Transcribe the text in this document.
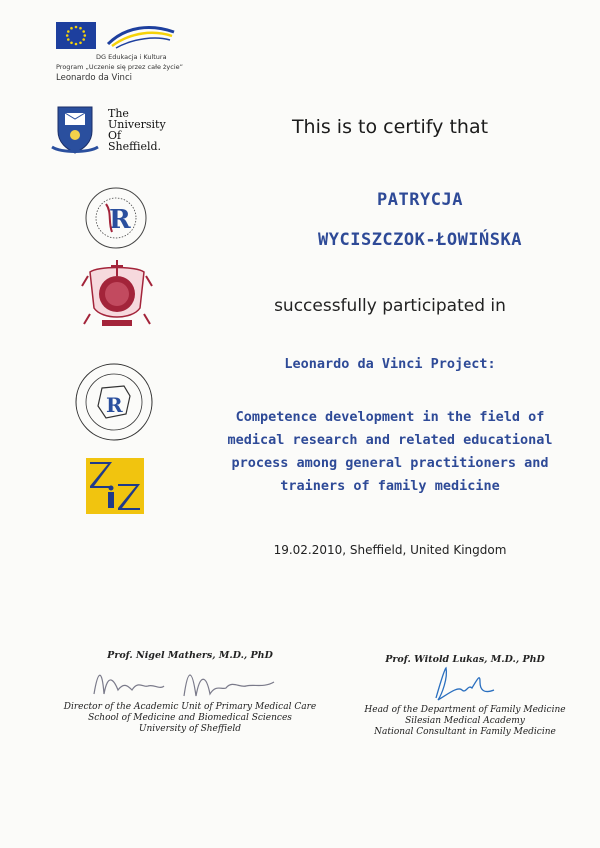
DG Edukacja i Kultura
Program „Uczenie się przez całe życie”
Leonardo da Vinci
The
University
Of
Sheffield.
R
R
This is to certify that
PATRYCJA
WYCISZCZOK-ŁOWIŃSKA
successfully participated in
Leonardo da Vinci Project:
Competence development in the field of
medical research and related educational
process among general practitioners and
trainers of family medicine
19.02.2010, Sheffield, United Kingdom
Prof. Nigel Mathers, M.D., PhD
Director of the Academic Unit of Primary Medical Care
School of Medicine and Biomedical Sciences
University of Sheffield
Prof. Witold Lukas, M.D., PhD
Head of the Department of Family Medicine
Silesian Medical Academy
National Consultant in Family Medicine
